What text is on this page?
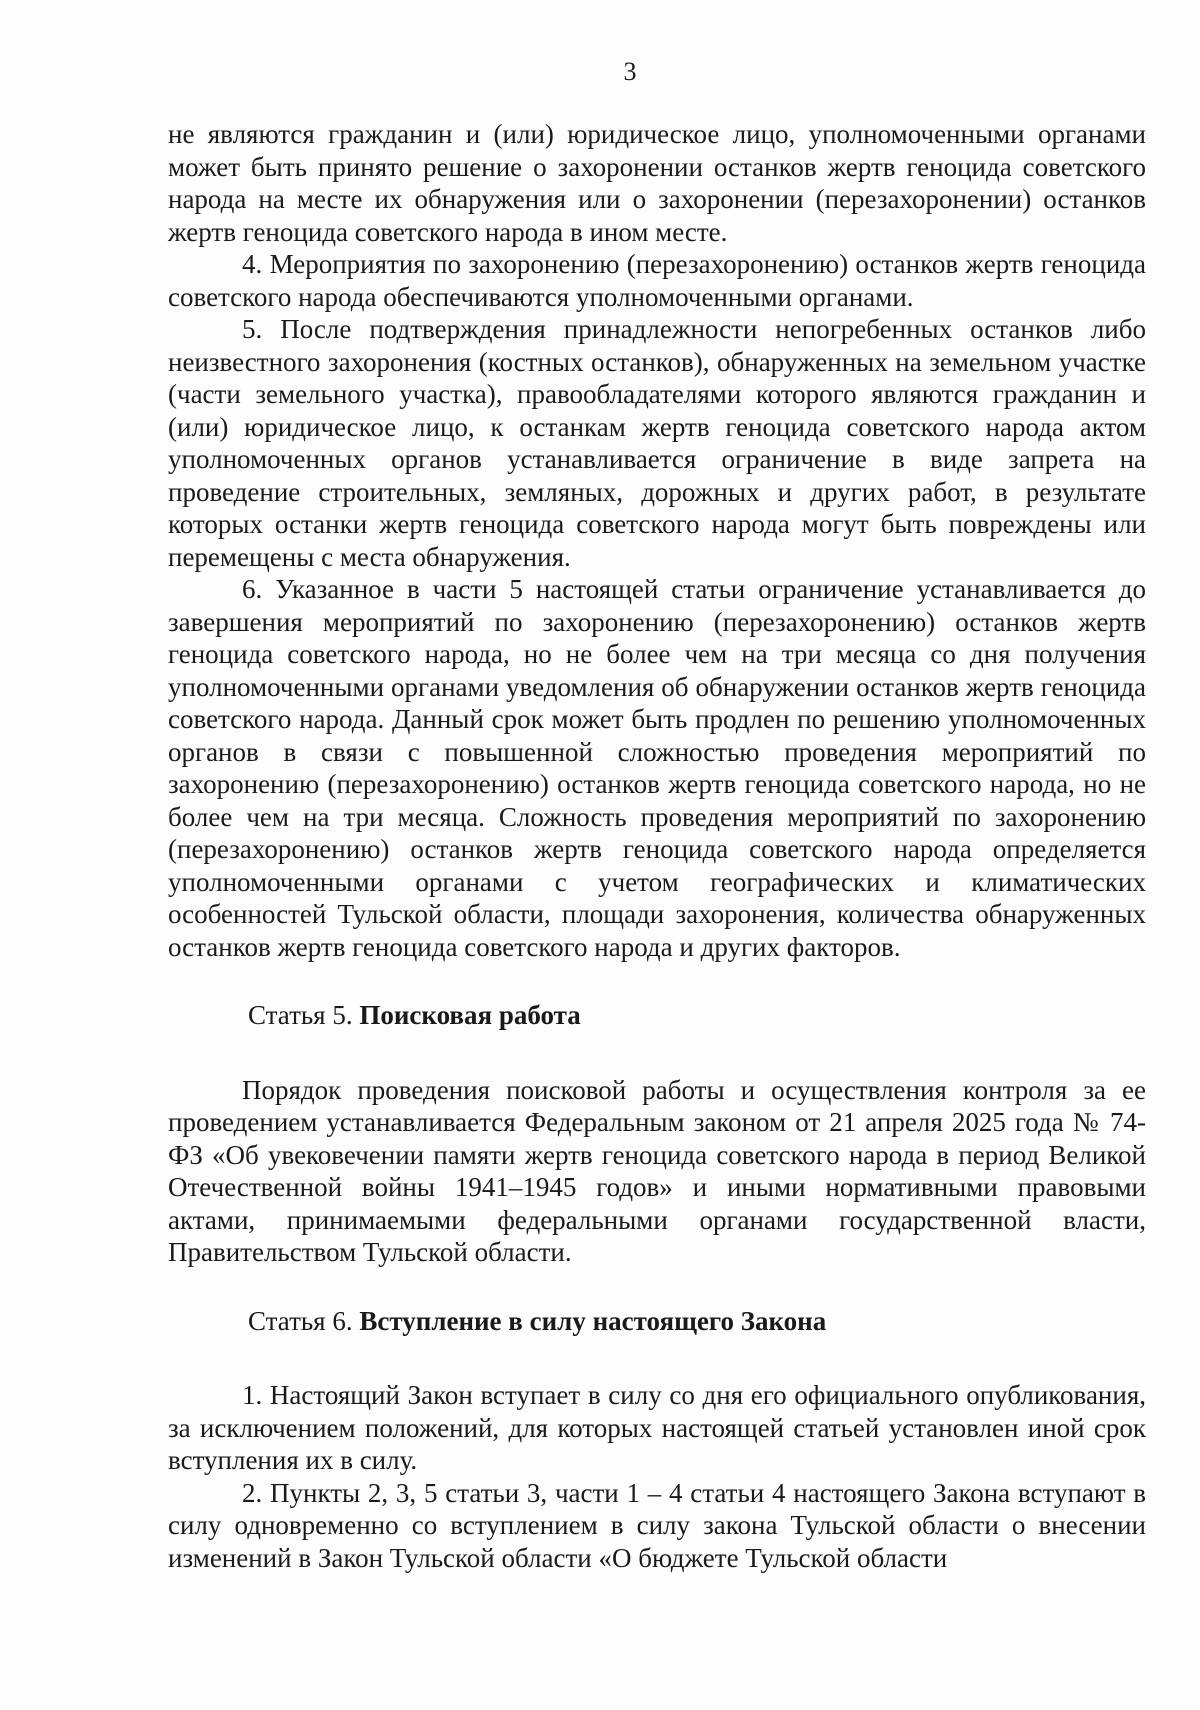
3

не являются гражданин и (или) юридическое лицо, уполномоченными органами может быть принято решение о захоронении останков жертв геноцида советского народа на месте их обнаружения или о захоронении (перезахоронении) останков жертв геноцида советского народа в ином месте.

4. Мероприятия по захоронению (перезахоронению) останков жертв геноцида советского народа обеспечиваются уполномоченными органами.

5. После подтверждения принадлежности непогребенных останков либо неизвестного захоронения (костных останков), обнаруженных на земельном участке (части земельного участка), правообладателями которого являются гражданин и (или) юридическое лицо, к останкам жертв геноцида советского народа актом уполномоченных органов устанавливается ограничение в виде запрета на проведение строительных, земляных, дорожных и других работ, в результате которых останки жертв геноцида советского народа могут быть повреждены или перемещены с места обнаружения.

6. Указанное в части 5 настоящей статьи ограничение устанавливается до завершения мероприятий по захоронению (перезахоронению) останков жертв геноцида советского народа, но не более чем на три месяца со дня получения уполномоченными органами уведомления об обнаружении останков жертв геноцида советского народа. Данный срок может быть продлен по решению уполномоченных органов в связи с повышенной сложностью проведения мероприятий по захоронению (перезахоронению) останков жертв геноцида советского народа, но не более чем на три месяца. Сложность проведения мероприятий по захоронению (перезахоронению) останков жертв геноцида советского народа определяется уполномоченными органами с учетом географических и климатических особенностей Тульской области, площади захоронения, количества обнаруженных останков жертв геноцида советского народа и других факторов.

Статья 5. Поисковая работа

Порядок проведения поисковой работы и осуществления контроля за ее проведением устанавливается Федеральным законом от 21 апреля 2025 года № 74-ФЗ «Об увековечении памяти жертв геноцида советского народа в период Великой Отечественной войны 1941–1945 годов» и иными нормативными правовыми актами, принимаемыми федеральными органами государственной власти, Правительством Тульской области.

Статья 6. Вступление в силу настоящего Закона

1. Настоящий Закон вступает в силу со дня его официального опубликования, за исключением положений, для которых настоящей статьей установлен иной срок вступления их в силу.

2. Пункты 2, 3, 5 статьи 3, части 1 – 4 статьи 4 настоящего Закона вступают в силу одновременно со вступлением в силу закона Тульской области о внесении изменений в Закон Тульской области «О бюджете Тульской области
